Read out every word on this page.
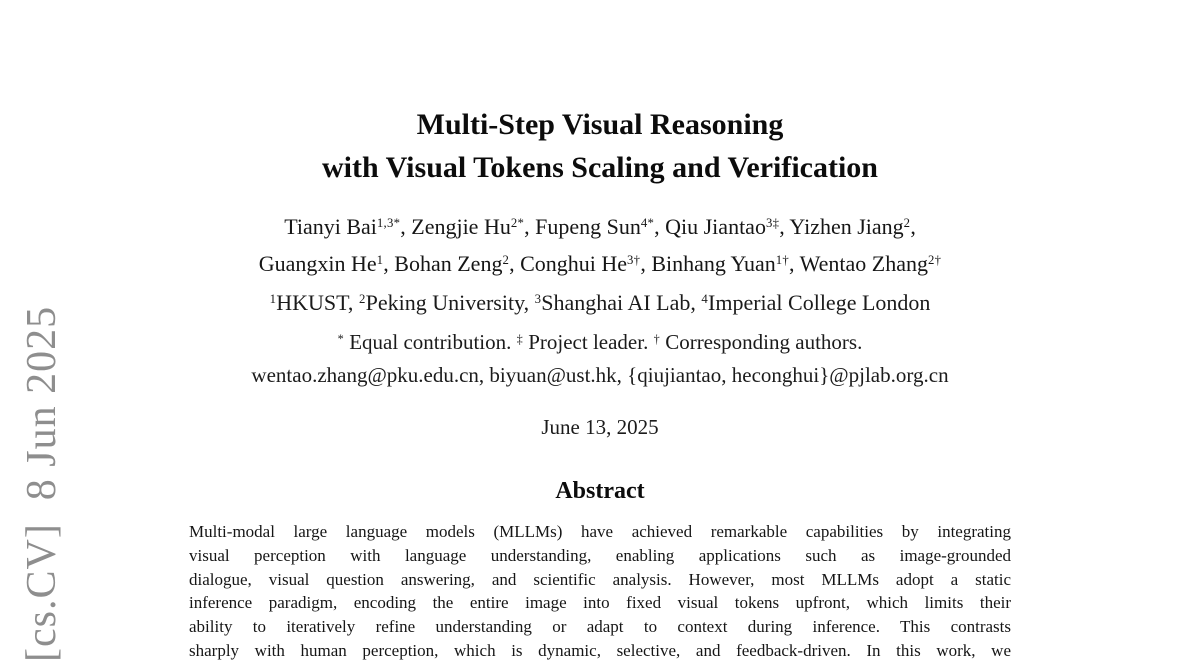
[cs.CV]  8 Jun 2025
Multi-Step Visual Reasoning
with Visual Tokens Scaling and Verification
Tianyi Bai$^{1,3*}$, Zengjie $Hu^{2*}$, Fupeng Sun$^{4*}$, Qiu Jiantao$^{3\ddagger}$, Yizhen Jiang$^2$,
Guangxin He$^1$, Bohan Zeng$^2$, Conghui $He^{3\dagger}$, Binhang Yuan$^{1\dagger}$, Wentao Zhang$^{2\dagger}$
$^1$HKUST, $^2$Peking University, $^3$Shanghai AI Lab, $^4$Imperial College London
* Equal contribution. ‡ Project leader. † Corresponding authors.
wentao.zhang@pku.edu.cn, biyuan@ust.hk, {qiujiantao, heconghui}@pjlab.org.cn
June 13, 2025
Abstract
Multi-modal large language models (MLLMs) have achieved remarkable capabilities by integrating
visual perception with language understanding, enabling applications such as image-grounded
dialogue, visual question answering, and scientific analysis. However, most MLLMs adopt a static
inference paradigm, encoding the entire image into fixed visual tokens upfront, which limits their
ability to iteratively refine understanding or adapt to context during inference. This contrasts
sharply with human perception, which is dynamic, selective, and feedback-driven. In this work, we
